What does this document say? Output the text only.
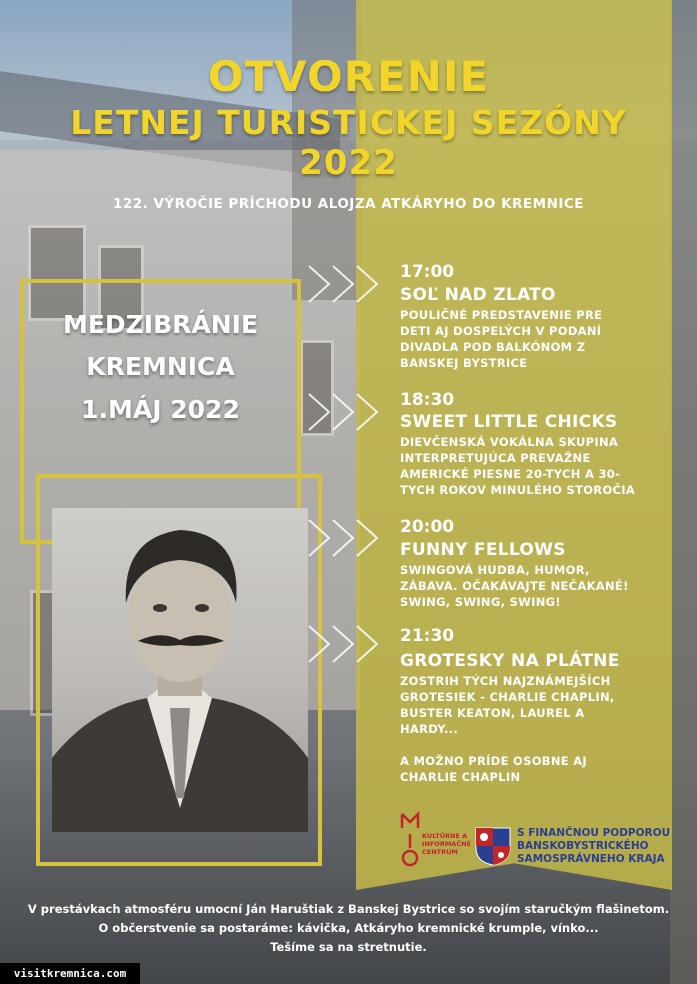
OTVORENIE
LETNEJ TURISTICKEJ SEZÓNY
2022
122. VÝROČIE PRÍCHODU ALOJZA ATKÁRYHO DO KREMNICE
MEDZIBRÁNIE
KREMNICA
1.MÁJ 2022
17:00
SOĽ NAD ZLATO
POULIČNÉ PREDSTAVENIE PRE
DETI AJ DOSPELÝCH V PODANÍ
DIVADLA POD BALKÓNOM Z
BANSKEJ BYSTRICE
18:30
SWEET LITTLE CHICKS
DIEVČENSKÁ VOKÁLNA SKUPINA
INTERPRETUJÚCA PREVAŽNE
AMERICKÉ PIESNE 20-TYCH A 30-
TYCH ROKOV MINULÉHO STOROČIA
20:00
FUNNY FELLOWS
SWINGOVÁ HUDBA, HUMOR,
ZÁBAVA. OČAKÁVAJTE NEČAKANÉ!
SWING, SWING, SWING!
21:30
GROTESKY NA PLÁTNE
ZOSTRIH TÝCH NAJZNÁMEJŠÍCH
GROTESIEK - CHARLIE CHAPLIN,
BUSTER KEATON, LAUREL A
HARDY...
A MOŽNO PRÍDE OSOBNE AJ
CHARLIE CHAPLIN
KULTÚRNE A
INFORMAČNÉ
CENTRUM
S FINANČNOU PODPOROU
BANSKOBYSTRICKÉHO
SAMOSPRÁVNEHO KRAJA
V prestávkach atmosféru umocní Ján Haruštiak z Banskej Bystrice so svojím staručkým flašinetom.
O občerstvenie sa postaráme: kávička, Atkáryho kremnické krumple, vínko...
Tešíme sa na stretnutie.
visitkremnica.com
